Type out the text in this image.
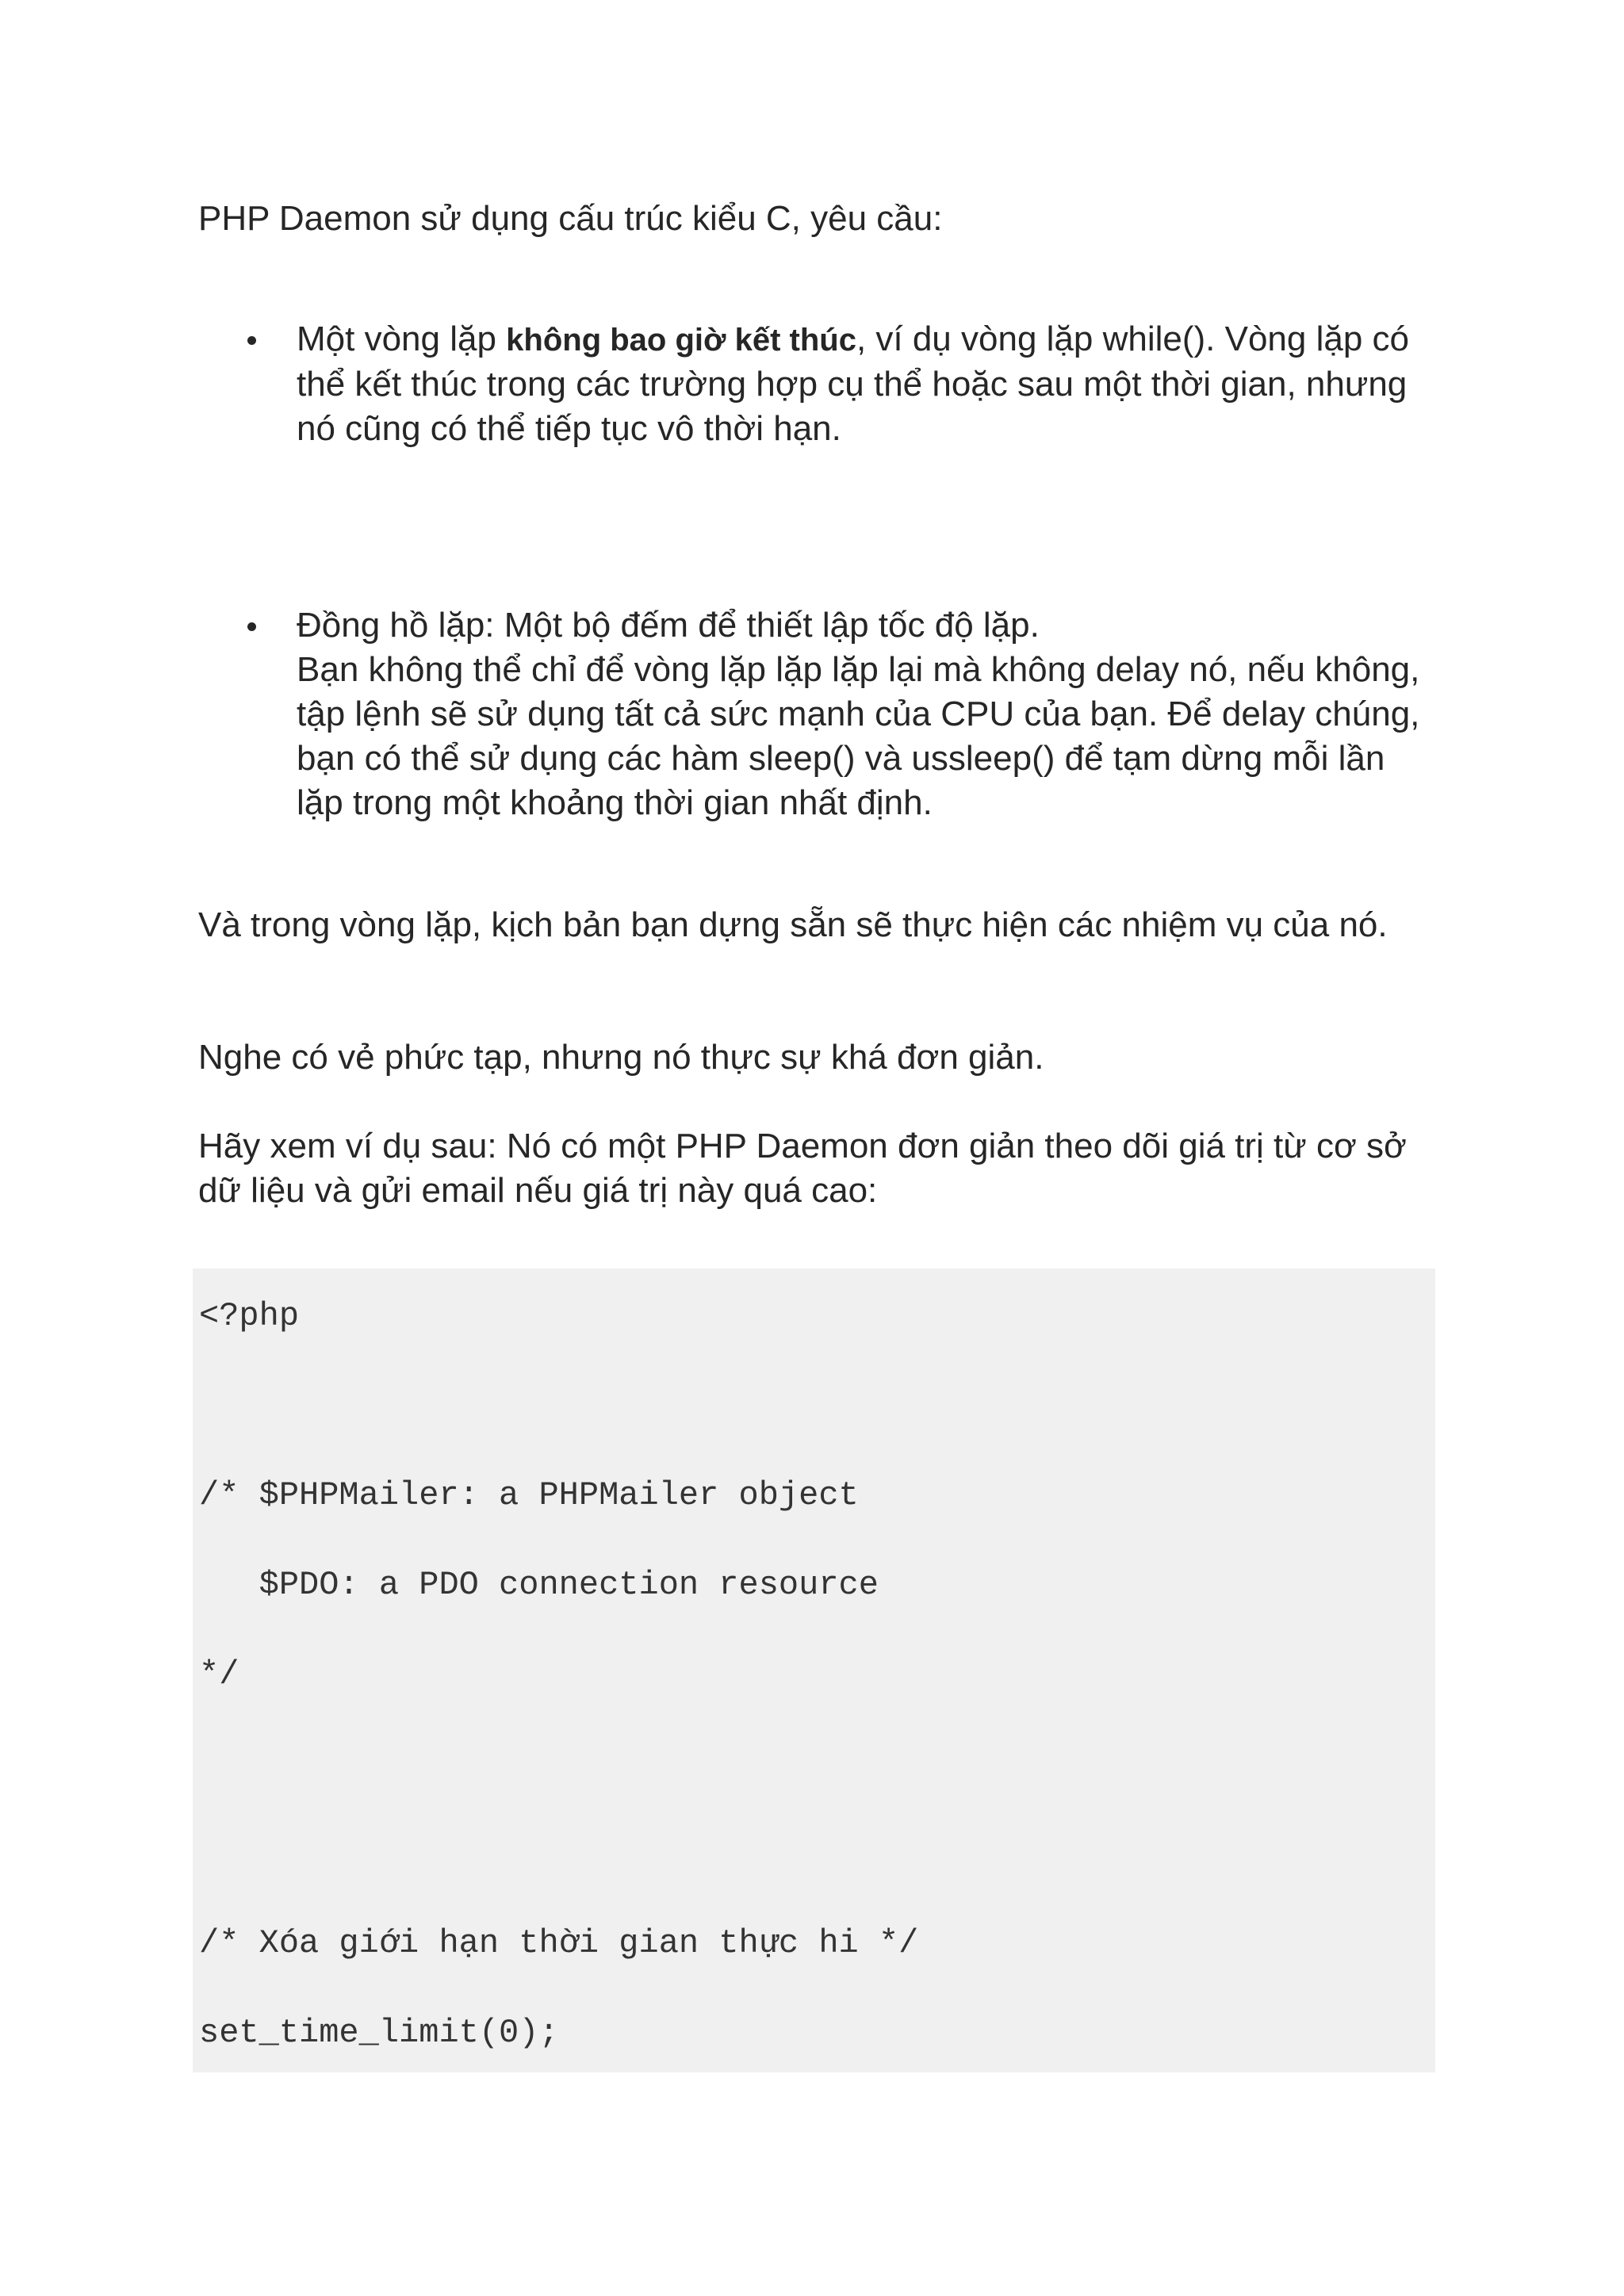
PHP Daemon sử dụng cấu trúc kiểu C, yêu cầu:

Một vòng lặp không bao giờ kết thúc, ví dụ vòng lặp while(). Vòng lặp có thể kết thúc trong các trường hợp cụ thể hoặc sau một thời gian, nhưng nó cũng có thể tiếp tục vô thời hạn.

Đồng hồ lặp: Một bộ đếm để thiết lập tốc độ lặp.
Bạn không thể chỉ để vòng lặp lặp lặp lại mà không delay nó, nếu không, tập lệnh sẽ sử dụng tất cả sức mạnh của CPU của bạn. Để delay chúng, bạn có thể sử dụng các hàm sleep() và ussleep() để tạm dừng mỗi lần lặp trong một khoảng thời gian nhất định.

Và trong vòng lặp, kịch bản bạn dựng sẵn sẽ thực hiện các nhiệm vụ của nó.

Nghe có vẻ phức tạp, nhưng nó thực sự khá đơn giản.

Hãy xem ví dụ sau: Nó có một PHP Daemon đơn giản theo dõi giá trị từ cơ sở dữ liệu và gửi email nếu giá trị này quá cao:

<?php
/* $PHPMailer: a PHPMailer object
$PDO: a PDO connection resource
*/
/* Xóa giới hạn thời gian thực hi */
set_time_limit(0);
